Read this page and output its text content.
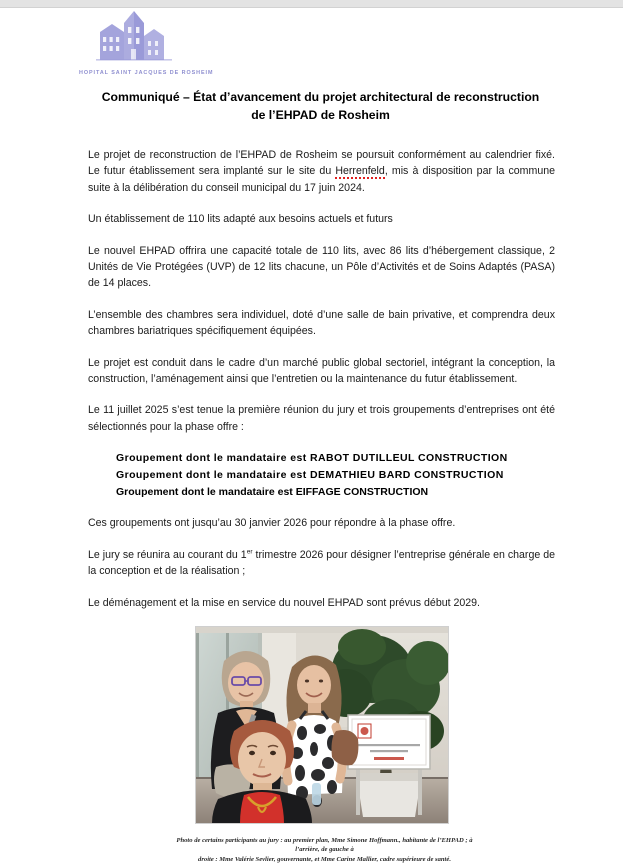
HOPITAL SAINT JACQUES DE ROSHEIM
Communiqué – État d’avancement du projet architectural de reconstruction
de l’EHPAD de Rosheim

Le projet de reconstruction de l’EHPAD de Rosheim se poursuit conformément au calendrier fixé. Le futur établissement sera implanté sur le site du Herrenfeld, mis à disposition par la commune suite à la délibération du conseil municipal du 17 juin 2024.

Un établissement de 110 lits adapté aux besoins actuels et futurs

Le nouvel EHPAD offrira une capacité totale de 110 lits, avec 86 lits d’hébergement classique, 2 Unités de Vie Protégées (UVP) de 12 lits chacune, un Pôle d’Activités et de Soins Adaptés (PASA) de 14 places.

L’ensemble des chambres sera individuel, doté d’une salle de bain privative, et comprendra deux chambres bariatriques spécifiquement équipées.

Le projet est conduit dans le cadre d’un marché public global sectoriel, intégrant la conception, la construction, l’aménagement ainsi que l’entretien ou la maintenance du futur établissement.

Le 11 juillet 2025 s’est tenue la première réunion du jury et trois groupements d’entreprises ont été sélectionnés pour la phase offre :

Groupement dont le mandataire est RABOT DUTILLEUL CONSTRUCTION
Groupement dont le mandataire est DEMATHIEU BARD CONSTRUCTION
Groupement dont le mandataire est EIFFAGE CONSTRUCTION

Ces groupements ont jusqu’au 30 janvier 2026 pour répondre à la phase offre.

Le jury se réunira au courant du 1er trimestre 2026 pour désigner l’entreprise générale en charge de la conception et de la réalisation ;

Le déménagement et la mise en service du nouvel EHPAD sont prévus début 2029.

Photo de certains participants au jury : au premier plan, Mme Simone Hoffmann., habitante de l’EHPAD ; à l’arrière, de gauche à
droite : Mme Valérie Sevlier, gouvernante, et Mme Carine Mallier, cadre supérieure de santé.
